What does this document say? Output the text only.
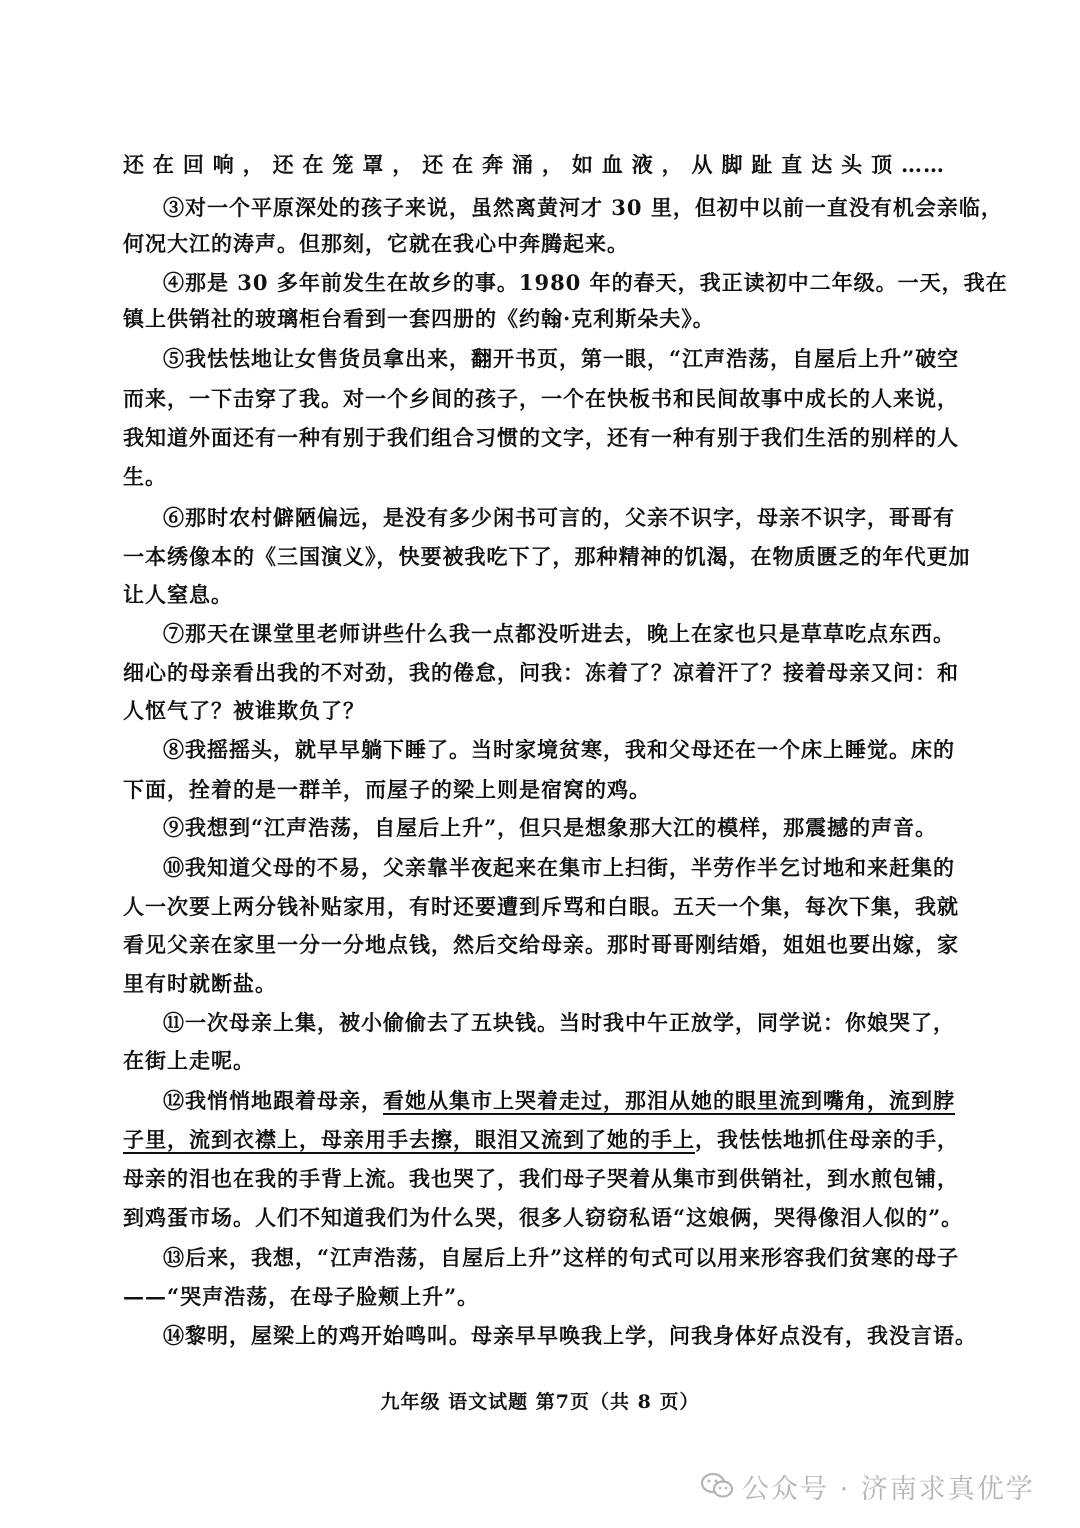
还在回响，还在笼罩，还在奔涌，如血液，从脚趾直达头顶……
③对一个平原深处的孩子来说，虽然离黄河才 30 里，但初中以前一直没有机会亲临，
何况大江的涛声。但那刻，它就在我心中奔腾起来。
④那是 30 多年前发生在故乡的事。1980 年的春天，我正读初中二年级。一天，我在
镇上供销社的玻璃柜台看到一套四册的《约翰·克利斯朵夫》。
⑤我怯怯地让女售货员拿出来，翻开书页，第一眼，“江声浩荡，自屋后上升”破空
而来，一下击穿了我。对一个乡间的孩子，一个在快板书和民间故事中成长的人来说，
我知道外面还有一种有别于我们组合习惯的文字，还有一种有别于我们生活的别样的人
生。
⑥那时农村僻陋偏远，是没有多少闲书可言的，父亲不识字，母亲不识字，哥哥有
一本绣像本的《三国演义》，快要被我吃下了，那种精神的饥渴，在物质匮乏的年代更加
让人窒息。
⑦那天在课堂里老师讲些什么我一点都没听进去，晚上在家也只是草草吃点东西。
细心的母亲看出我的不对劲，我的倦怠，问我：冻着了？凉着汗了？接着母亲又问：和
人怄气了？被谁欺负了？
⑧我摇摇头，就早早躺下睡了。当时家境贫寒，我和父母还在一个床上睡觉。床的
下面，拴着的是一群羊，而屋子的梁上则是宿窝的鸡。
⑨我想到“江声浩荡，自屋后上升”，但只是想象那大江的模样，那震撼的声音。
⑩我知道父母的不易，父亲靠半夜起来在集市上扫街，半劳作半乞讨地和来赶集的
人一次要上两分钱补贴家用，有时还要遭到斥骂和白眼。五天一个集，每次下集，我就
看见父亲在家里一分一分地点钱，然后交给母亲。那时哥哥刚结婚，姐姐也要出嫁，家
里有时就断盐。
⑪一次母亲上集，被小偷偷去了五块钱。当时我中午正放学，同学说：你娘哭了，
在街上走呢。
⑫我悄悄地跟着母亲，看她从集市上哭着走过，那泪从她的眼里流到嘴角，流到脖
子里，流到衣襟上，母亲用手去擦，眼泪又流到了她的手上，我怯怯地抓住母亲的手，
母亲的泪也在我的手背上流。我也哭了，我们母子哭着从集市到供销社，到水煎包铺，
到鸡蛋市场。人们不知道我们为什么哭，很多人窃窃私语“这娘俩，哭得像泪人似的”。
⑬后来，我想，“江声浩荡，自屋后上升”这样的句式可以用来形容我们贫寒的母子
——“哭声浩荡，在母子脸颊上升”。
⑭黎明，屋梁上的鸡开始鸣叫。母亲早早唤我上学，问我身体好点没有，我没言语。
九年级 语文试题 第7页（共 8 页）
公众号 · 济南求真优学
